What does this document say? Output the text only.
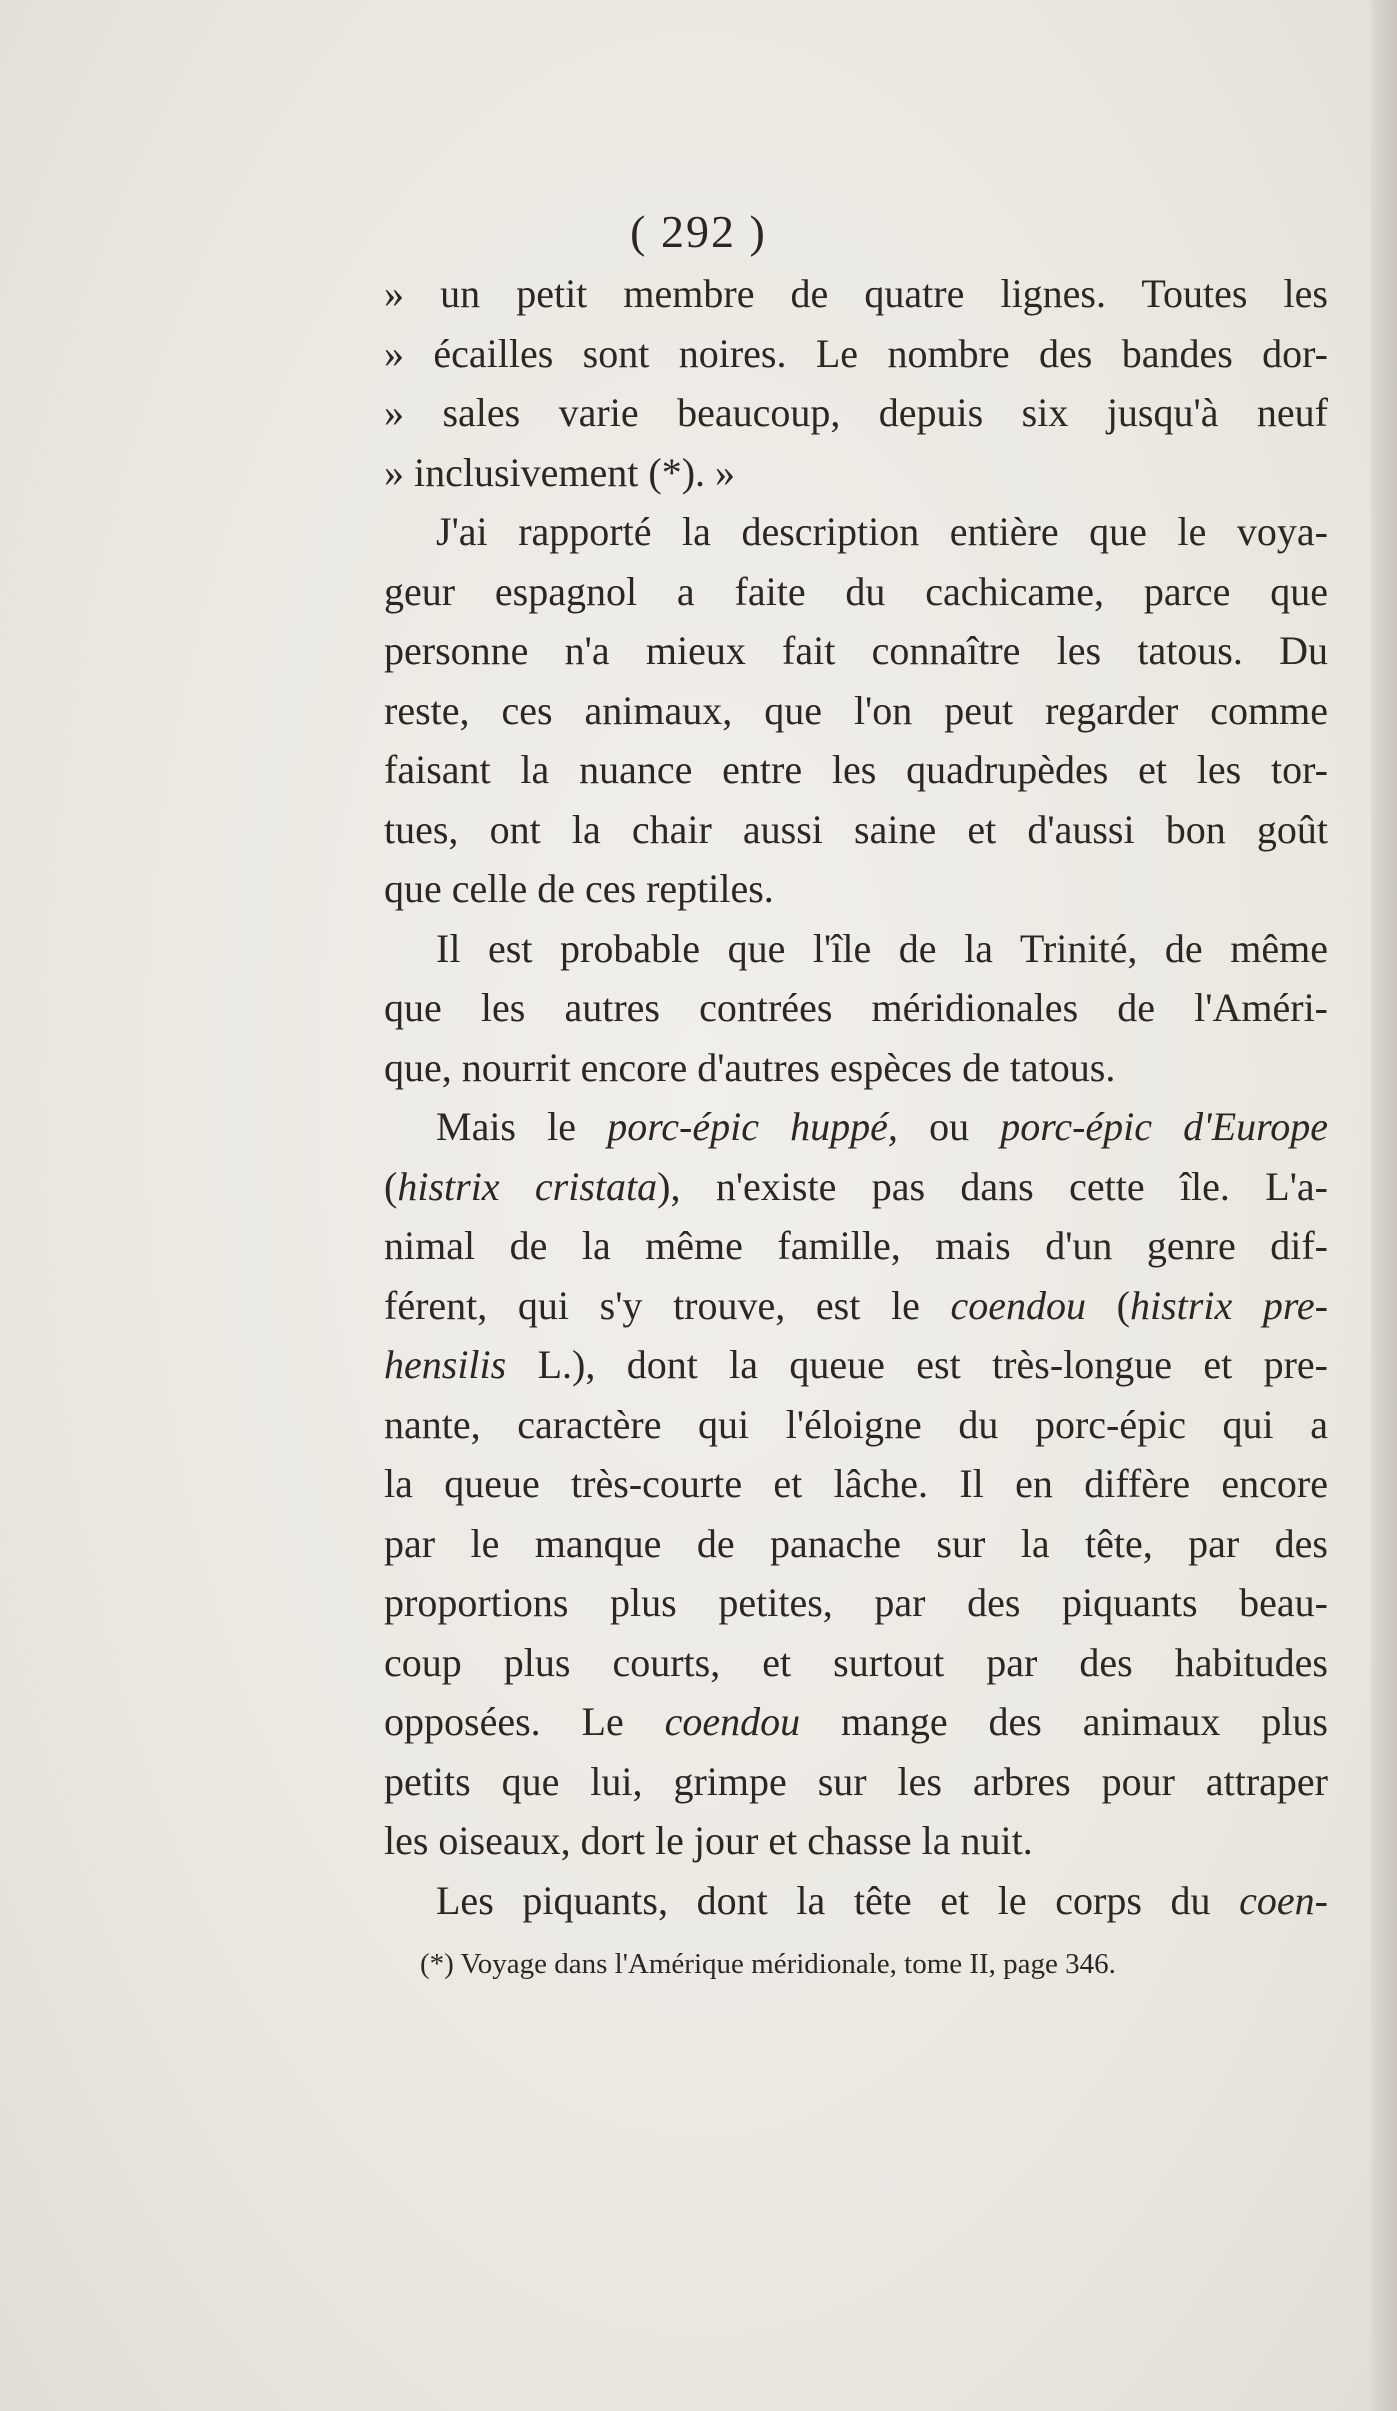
( 292 )
» un petit membre de quatre lignes. Toutes les
» écailles sont noires. Le nombre des bandes dor-
» sales varie beaucoup, depuis six jusqu'à neuf
» inclusivement (*). »
J'ai rapporté la description entière que le voya-
geur espagnol a faite du cachicame, parce que
personne n'a mieux fait connaître les tatous. Du
reste, ces animaux, que l'on peut regarder comme
faisant la nuance entre les quadrupèdes et les tor-
tues, ont la chair aussi saine et d'aussi bon goût
que celle de ces reptiles.
Il est probable que l'île de la Trinité, de même
que les autres contrées méridionales de l'Améri-
que, nourrit encore d'autres espèces de tatous.
Mais le porc-épic huppé, ou porc-épic d'Europe
(histrix cristata), n'existe pas dans cette île. L'a-
nimal de la même famille, mais d'un genre dif-
férent, qui s'y trouve, est le coendou (histrix pre-
hensilis L.), dont la queue est très-longue et pre-
nante, caractère qui l'éloigne du porc-épic qui a
la queue très-courte et lâche. Il en diffère encore
par le manque de panache sur la tête, par des
proportions plus petites, par des piquants beau-
coup plus courts, et surtout par des habitudes
opposées. Le coendou mange des animaux plus
petits que lui, grimpe sur les arbres pour attraper
les oiseaux, dort le jour et chasse la nuit.
Les piquants, dont la tête et le corps du coen-
(*) Voyage dans l'Amérique méridionale, tome II, page 346.
